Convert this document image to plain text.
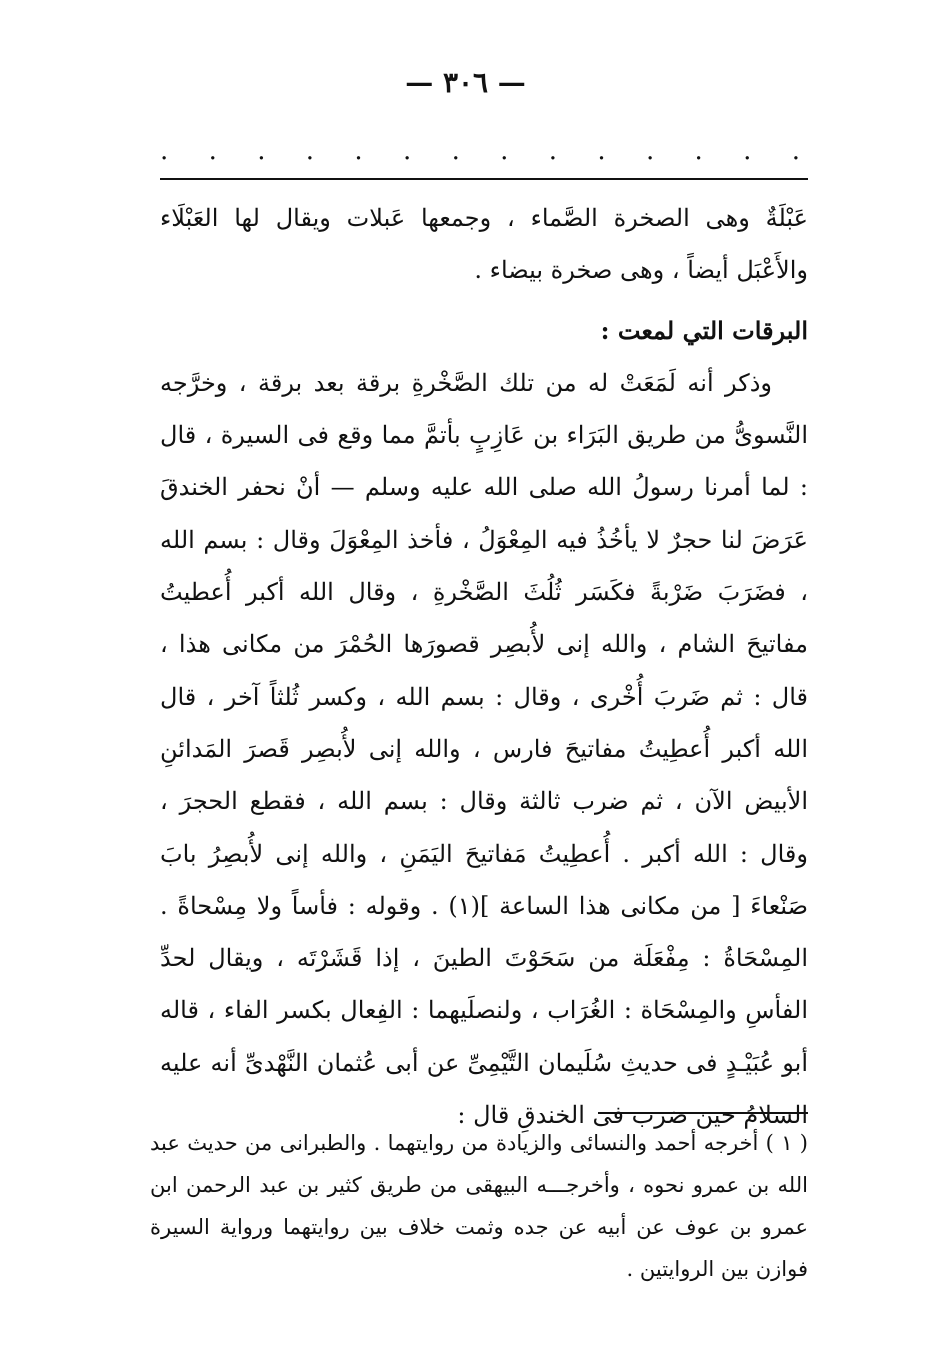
— ٣٠٦ —
. . . . . . . . . . . . . .

عَبْلَةٌ وهى الصخرة الصَّماء ، وجمعها عَبلات ويقال لها العَبْلَاء والأَعْبَل أيضاً ، وهى صخرة بيضاء .

البرقات التي لمعت :

وذكر أنه لَمَعَتْ له من تلك الصَّخْرةِ برقة بعد برقة ، وخرَّجه النَّسوىُّ من طريق البَرَاء بن عَازِبٍ بأتمَّ مما وقع فى السيرة ، قال : لما أمرنا رسولُ الله صلى الله عليه وسلم — أنْ نحفر الخندقَ عَرَضَ لنا حجرٌ لا يأخُذُ فيه المِعْوَلُ ، فأخذ المِعْوَلَ وقال : بسم الله ، فضَرَبَ ضَرْبةً فكَسَر ثُلُثَ الصَّخْرةِ ، وقال الله أكبر أُعطيتُ مفاتيحَ الشام ، والله إنى لأُبصِر قصورَها الحُمْرَ من مكانى هذا ، قال : ثم ضَربَ أُخْرى ، وقال : بسم الله ، وكسر ثُلثاً آخر ، قال الله أكبر أُعطِيتُ مفاتيحَ فارس ، والله إنى لأُبصِر قَصرَ المَدائنِ الأبيض الآن ، ثم ضرب ثالثة وقال : بسم الله ، فقطع الحجرَ ، وقال : الله أكبر . أُعطِيتُ مَفاتيحَ اليَمَنِ ، والله إنى لأُبصِرُ بابَ صَنْعاءَ [ من مكانى هذا الساعة ](١) . وقوله : فأساً ولا مِسْحاةً . المِسْحَاةُ : مِفْعَلَة من سَحَوْتَ الطينَ ، إذا قَشَرْتَه ، ويقال لحدِّ الفأسِ والمِسْحَاة : الغُرَاب ، ولنصلَيهما : الفِعال بكسر الفاء ، قاله أبو عُبَيْـدٍ فى حديثِ سُلَيمان التَّيْمِىِّ عن أبى عُثمان النَّهْدىِّ أنه عليه السلامُ حين ضرب فى الخندقِ قال :

( ١ ) أخرجه أحمد والنسائى والزيادة من روايتهما . والطبرانى من حديث عبد الله بن عمرو نحوه ، وأخرجـــه البيهقى من طريق كثير بن عبد الرحمن ابن عمرو بن عوف عن أبيه عن جده وثمت خلاف بين روايتهما ورواية السيرة فوازن بين الروايتين .
